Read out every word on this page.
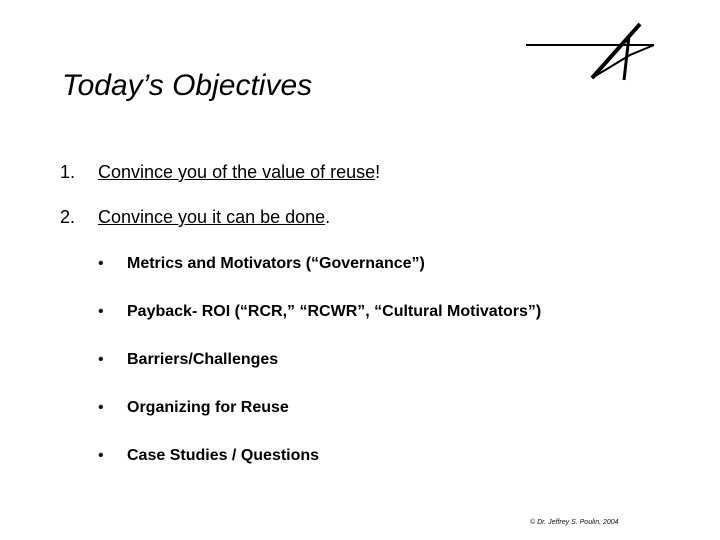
Today’s Objectives
1. Convince you of the value of reuse!
2. Convince you it can be done.
• Metrics and Motivators (“Governance”)
• Payback- ROI (“RCR,” “RCWR”, “Cultural Motivators”)
• Barriers/Challenges
• Organizing for Reuse
• Case Studies / Questions
© Dr. Jeffrey S. Poulin, 2004
